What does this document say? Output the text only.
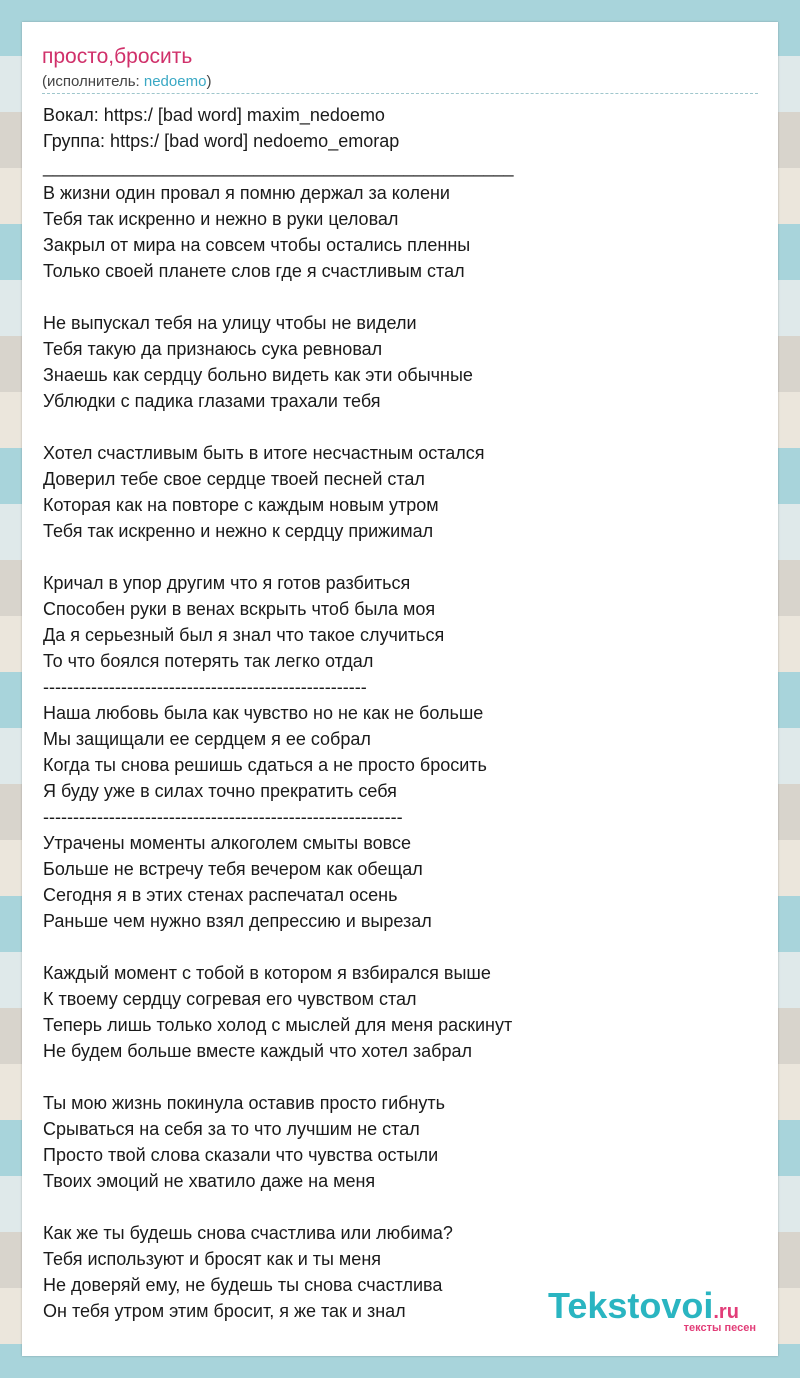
просто,бросить
(исполнитель: nedoemo)
Вокал: https:/ [bad word] maxim_nedoemo
Группа: https:/ [bad word] nedoemo_emorap
_______________________________________________
В жизни один провал я помню держал за колени
Тебя так искренно и нежно в руки целовал
Закрыл от мира на совсем чтобы остались пленны
Только своей планете слов где я счастливым стал
Не выпускал тебя на улицу чтобы не видели
Тебя такую да признаюсь сука ревновал
Знаешь как сердцу больно видеть как эти обычные
Ублюдки с падика глазами трахали тебя
Хотел счастливым быть в итоге несчастным остался
Доверил тебе свое сердце твоей песней стал
Которая как на повторе с каждым новым утром
Тебя так искренно и нежно к сердцу прижимал
Кричал в упор другим что я готов разбиться
Способен руки в венах вскрыть чтоб была моя
Да я серьезный был я знал что такое случиться
То что боялся потерять так легко отдал
------------------------------------------------------
Наша любовь была как чувство но не как не больше
Мы защищали ее сердцем я ее собрал
Когда ты снова решишь сдаться а не просто бросить
Я буду уже в силах точно прекратить себя
------------------------------------------------------------
Утрачены моменты алкоголем смыты вовсе
Больше не встречу тебя вечером как обещал
Сегодня я в этих стенах распечатал осень
Раньше чем нужно взял депрессию и вырезал
Каждый момент с тобой в котором я взбирался выше
К твоему сердцу согревая его чувством стал
Теперь лишь только холод с мыслей для меня раскинут
Не будем больше вместе каждый что хотел забрал
Ты мою жизнь покинула оставив просто гибнуть
Срываться на себя за то что лучшим не стал
Просто твой слова сказали что чувства остыли
Твоих эмоций не хватило даже на меня
Как же ты будешь снова счастлива или любима?
Тебя используют и бросят как и ты меня
Не доверяй ему, не будешь ты снова счастлива
Он тебя утром этим бросит, я же так и знал	Tekstovoi.ru
тексты песен
